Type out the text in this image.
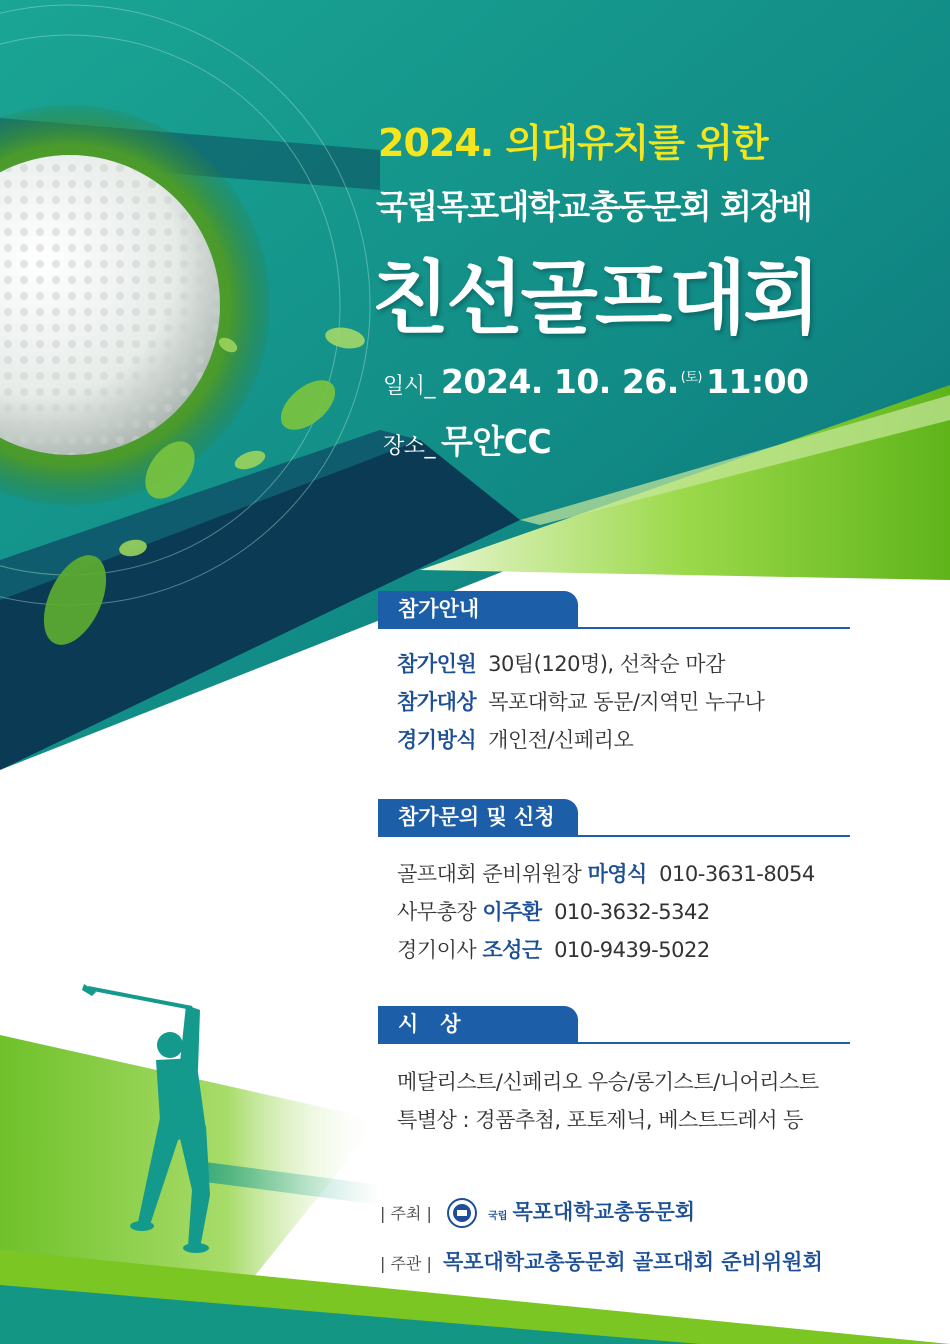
2024. 의대유치를 위한
국립목포대학교총동문회 회장배
친선골프대회
일시_ 2024. 10. 26. $^{(토)}$ 11:00
장소_ 무안CC
참가안내
참가인원 30팀(120명), 선착순 마감
참가대상 목포대학교 동문/지역민 누구나
경기방식 개인전/신페리오
참가문의 및 신청
골프대회 준비위원장 마영식 010-3631-8054
사무총장 이주환 010-3632-5342
경기이사 조성근 010-9439-5022
시   상
메달리스트/신페리오 우승/롱기스트/니어리스트
특별상 : 경품추첨, 포토제닉, 베스트드레서 등
| 주최 |	국립 목포대학교총동문회
| 주관 | 목포대학교총동문회 골프대회 준비위원회
